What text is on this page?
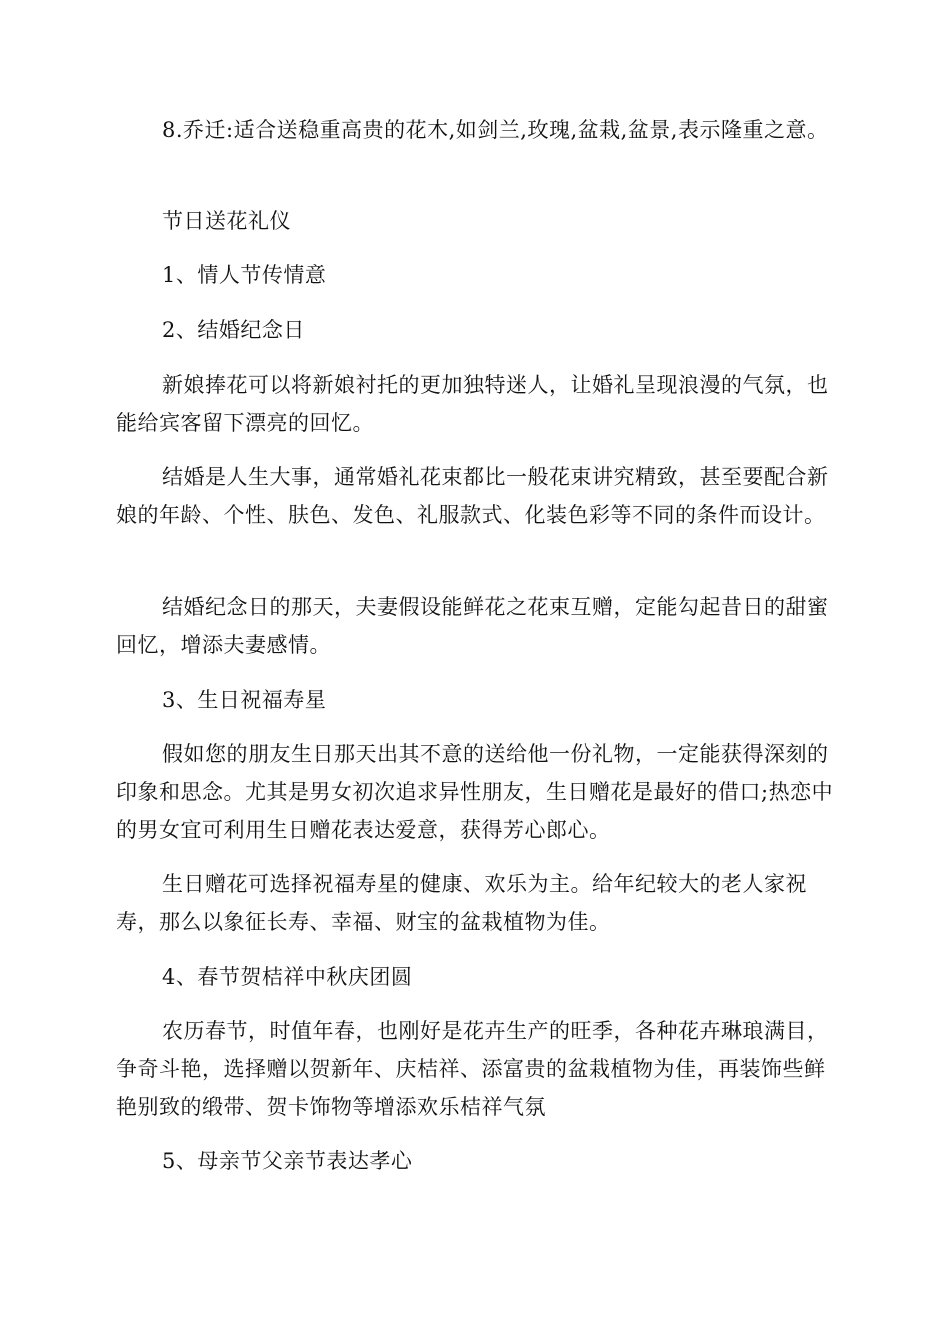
8.乔迁:适合送稳重高贵的花木,如剑兰,玫瑰,盆栽,盆景,表示隆重之意。

节日送花礼仪

1、情人节传情意

2、结婚纪念日

新娘捧花可以将新娘衬托的更加独特迷人，让婚礼呈现浪漫的气氛，也能给宾客留下漂亮的回忆。

结婚是人生大事，通常婚礼花束都比一般花束讲究精致，甚至要配合新娘的年龄、个性、肤色、发色、礼服款式、化装色彩等不同的条件而设计。

结婚纪念日的那天，夫妻假设能鲜花之花束互赠，定能勾起昔日的甜蜜回忆，增添夫妻感情。

3、生日祝福寿星

假如您的朋友生日那天出其不意的送给他一份礼物，一定能获得深刻的印象和思念。尤其是男女初次追求异性朋友，生日赠花是最好的借口;热恋中的男女宜可利用生日赠花表达爱意，获得芳心郎心。

生日赠花可选择祝福寿星的健康、欢乐为主。给年纪较大的老人家祝寿，那么以象征长寿、幸福、财宝的盆栽植物为佳。

4、春节贺桔祥中秋庆团圆

农历春节，时值年春，也刚好是花卉生产的旺季，各种花卉琳琅满目，争奇斗艳，选择赠以贺新年、庆桔祥、添富贵的盆栽植物为佳，再装饰些鲜艳别致的缎带、贺卡饰物等增添欢乐桔祥气氛

5、母亲节父亲节表达孝心
